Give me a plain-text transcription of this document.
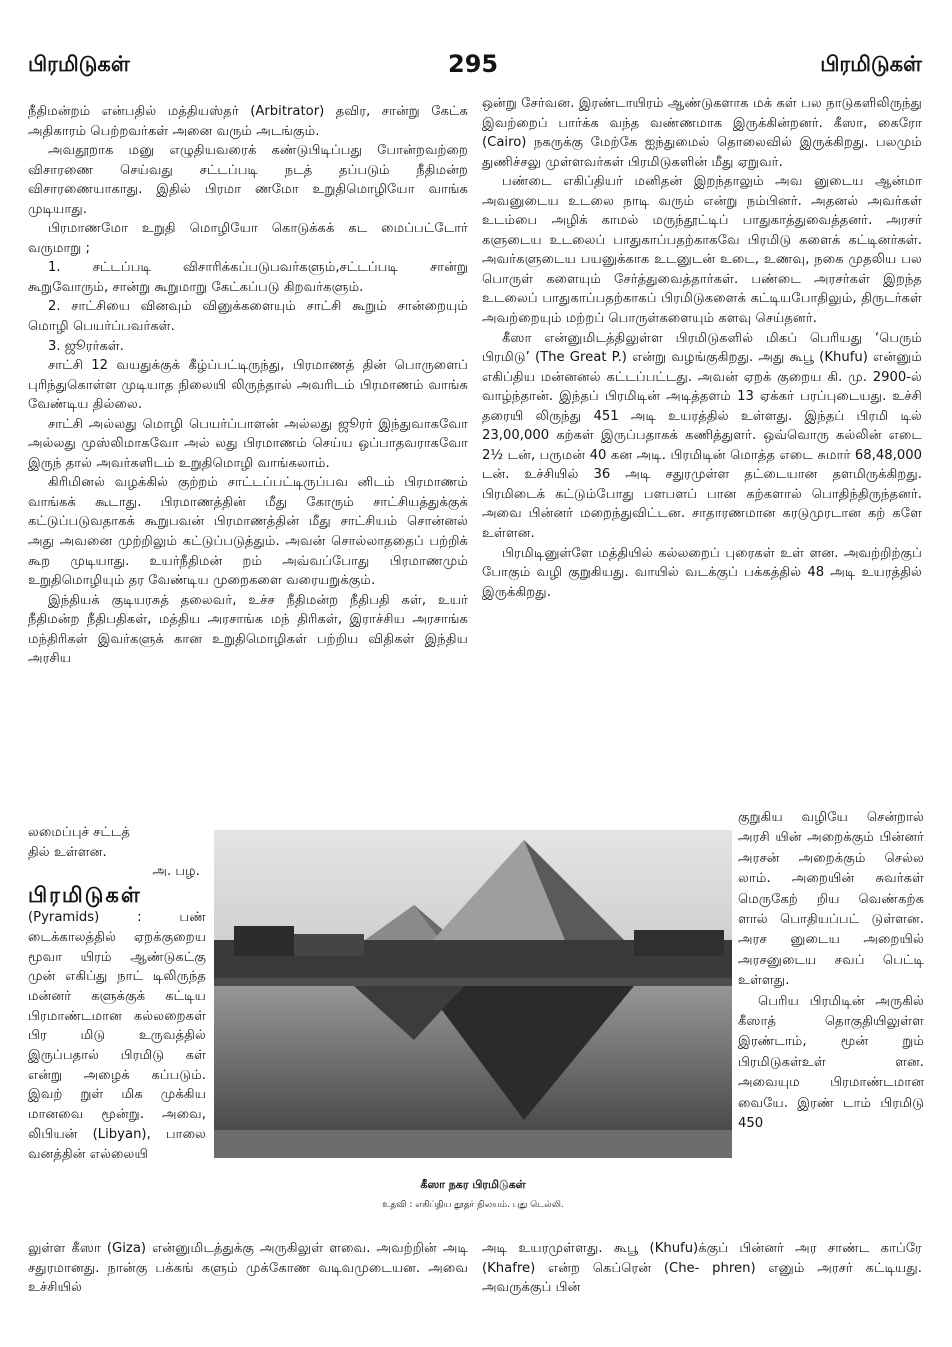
பிரமிடுகள்	295	பிரமிடுகள்

நீதிமன்றம் என்பதில் மத்தியஸ்தர் (Arbitrator) தவிர, சான்று கேட்க அதிகாரம் பெற்றவர்கள் அனை வரும் அடங்கும்.

அவதூறாக மனு எழுதியவரைக் கண்டுபிடிப்பது போன்றவற்றை விசாரணை செய்வது சட்டப்படி நடத் தப்படும் நீதிமன்ற விசாரணையாகாது. இதில் பிரமா ணமோ உறுதிமொழியோ வாங்க முடியாது.

பிரமாணமோ உறுதி மொழியோ கொடுக்கக் கட மைப்பட்டோர் வருமாறு ;

1. சட்டப்படி விசாரிக்கப்படுபவர்களும்,சட்டப்படி சான்று கூறுவோரும், சான்று கூறுமாறு கேட்கப்படு கிறவர்களும்.

2. சாட்சியை வினவும் வினுக்களையும் சாட்சி கூறும் சான்றையும் மொழி பெயர்ப்பவர்கள்.

3. ஜூரர்கள்.

சாட்சி 12 வயதுக்குக் கீழ்ப்பட்டிருந்து, பிரமாணத் தின் பொருளைப் புரிந்துகொள்ள முடியாத நிலையி லிருந்தால் அவரிடம் பிரமாணம் வாங்க வேண்டிய தில்லை.

சாட்சி அல்லது மொழி பெயர்ப்பாளன் அல்லது ஜூரர் இந்துவாகவோ அல்லது முஸ்லிமாகவோ அல் லது பிரமாணம் செய்ய ஒப்பாதவராகவோ இருந் தால் அவர்களிடம் உறுதிமொழி வாங்கலாம்.

கிரிமினல் வழக்கில் குற்றம் சாட்டப்பட்டிருப்பவ னிடம் பிரமாணம் வாங்கக் கூடாது. பிரமாணத்தின் மீது கோரும் சாட்சியத்துக்குக் கட்டுப்படுவதாகக் கூறுபவன் பிரமாணத்தின் மீது சாட்சியம் சொன்னல் அது அவனை முற்றிலும் கட்டுப்படுத்தும். அவன் சொல்லாததைப் பற்றிக் கூற முடியாது. உயர்நீதிமன் றம் அவ்வப்போது பிரமாணமும் உறுதிமொழியும் தர வேண்டிய முறைகளை வரையறுக்கும்.

இந்தியக் குடியரசுத் தலைவர், உச்ச நீதிமன்ற நீதிபதி கள், உயர் நீதிமன்ற நீதிபதிகள், மத்திய அரசாங்க மந் திரிகள், இராச்சிய அரசாங்க மந்திரிகள் இவர்களுக் கான உறுதிமொழிகள் பற்றிய விதிகள் இந்திய அரசிய

லமைப்புச் சட்டத்
தில் உள்ளன.
அ. பழ.
பிரமிடுகள்
(Pyramids) : பண் டைக்காலத்தில் ஏறக்குறைய மூவா யிரம் ஆண்டுகட்கு முன் எகிப்து நாட் டிலிருந்த மன்னர் களுக்குக் கட்டிய பிரமாண்டமான கல்லறைகள் பிர மிடு உருவத்தில் இருப்பதால் பிரமிடு கள் என்று அழைக் கப்படும். இவற் றுள் மிக முக்கிய மானவை மூன்று. அவை, லிபியன் (Libyan), பாலை வனத்தின் எல்லையி

ஒன்று சேர்வன. இரண்டாயிரம் ஆண்டுகளாக மக் கள் பல நாடுகளிலிருந்து இவற்றைப் பார்க்க வந்த வண்ணமாக இருக்கின்றனர். கீஸா, கைரோ (Cairo) நகருக்கு மேற்கே ஐந்துமைல் தொலைவில் இருக்கிறது. பலமும் துணிச்சலு முள்ளவர்கள் பிரமிடுகளின் மீது ஏறுவர்.

பண்டை எகிப்தியர் மனிதன் இறந்தாலும் அவ னுடைய ஆன்மா அவனுடைய உடலை நாடி வரும் என்று நம்பினர். அதனல் அவர்கள் உடம்பை அழிக் காமல் மருந்தூட்டிப் பாதுகாத்துவைத்தனர். அரசர் களுடைய உடலைப் பாதுகாப்பதற்காகவே பிரமிடு களைக் கட்டினர்கள். அவர்களுடைய பயனுக்காக உடனுடன் உடை, உணவு, நகை முதலிய பல பொருள் களையும் சேர்த்துவைத்தார்கள். பண்டை அரசர்கள் இறந்த உடலைப் பாதுகாப்பதற்காகப் பிரமிடுகளைக் கட்டியபோதிலும், திருடர்கள் அவற்றையும் மற்றப் பொருள்களையும் களவு செய்தனர்.

கீஸா என்னுமிடத்திலுள்ள பிரமிடுகளில் மிகப் பெரியது ‘பெரும் பிரமிடு’ (The Great P.) என்று வழங்குகிறது. அது கூபூ (Khufu) என்னும் எகிப்திய மன்னனல் கட்டப்பட்டது. அவன் ஏறக் குறைய கி. மு. 2900-ல் வாழ்ந்தான். இந்தப் பிரமிடின் அடித்தளம் 13 ஏக்கர் பரப்புடையது. உச்சி தரையி லிருந்து 451 அடி உயரத்தில் உள்ளது. இந்தப் பிரமி டில் 23,00,000 கற்கள் இருப்பதாகக் கணித்துளர். ஒவ்வொரு கல்லின் எடை 2½ டன், பருமன் 40 கன அடி. பிரமிடின் மொத்த எடை சுமார் 68,48,000 டன். உச்சியில் 36 அடி சதுரமுள்ள தட்டையான தளமிருக்கிறது. பிரமிடைக் கட்டும்போது பளபளப் பான கற்களால் பொதிந்திருந்தனர். அவை பின்னர் மறைந்துவிட்டன. சாதாரணமான கரடுமுரடான கற் களே உள்ளன.

பிரமிடினுள்ளே மத்தியில் கல்லறைப் புரைகள் உள் ளன. அவற்றிற்குப் போகும் வழி குறுகியது. வாயில் வடக்குப் பக்கத்தில் 48 அடி உயரத்தில் இருக்கிறது.

குறுகிய வழியே சென்றால் அரசி யின் அறைக்கும் பின்னர் அரசன் அறைக்கும் செல்ல லாம். அறையின் சுவர்கள் மெருகேற் றிய வெண்கற்க ளால் பொதியப்பட் டுள்ளன. அரச னுடைய அறையில் அரசனுடைய சவப் பெட்டி உள்ளது.

பெரிய பிரமிடின் அருகில் கீஸாத் தொகுதியிலுள்ள இரண்டாம், மூன் றும் பிரமிடுகள்உள் ளன. அவையும பிரமாண்டமான வையே. இரண் டாம் பிரமிடு 450

கீஸா நகர பிரமிடுகள்
உதவி : எகிப்திய தூதர் நிலயம். புது டெல்லி.
லுள்ள கீஸா (Giza) என்னுமிடத்துக்கு அருகிலுள் ளவை. அவற்றின் அடி சதுரமானது. நான்கு பக்கங் களும் முக்கோண வடிவமுடையன. அவை உச்சியில்
அடி உயரமுள்ளது. கூபூ (Khufu)க்குப் பின்னர் அர சாண்ட காப்ரே (Khafre) என்ற கெப்ரென் (Che- phren) எனும் அரசர் கட்டியது. அவருக்குப் பின்
